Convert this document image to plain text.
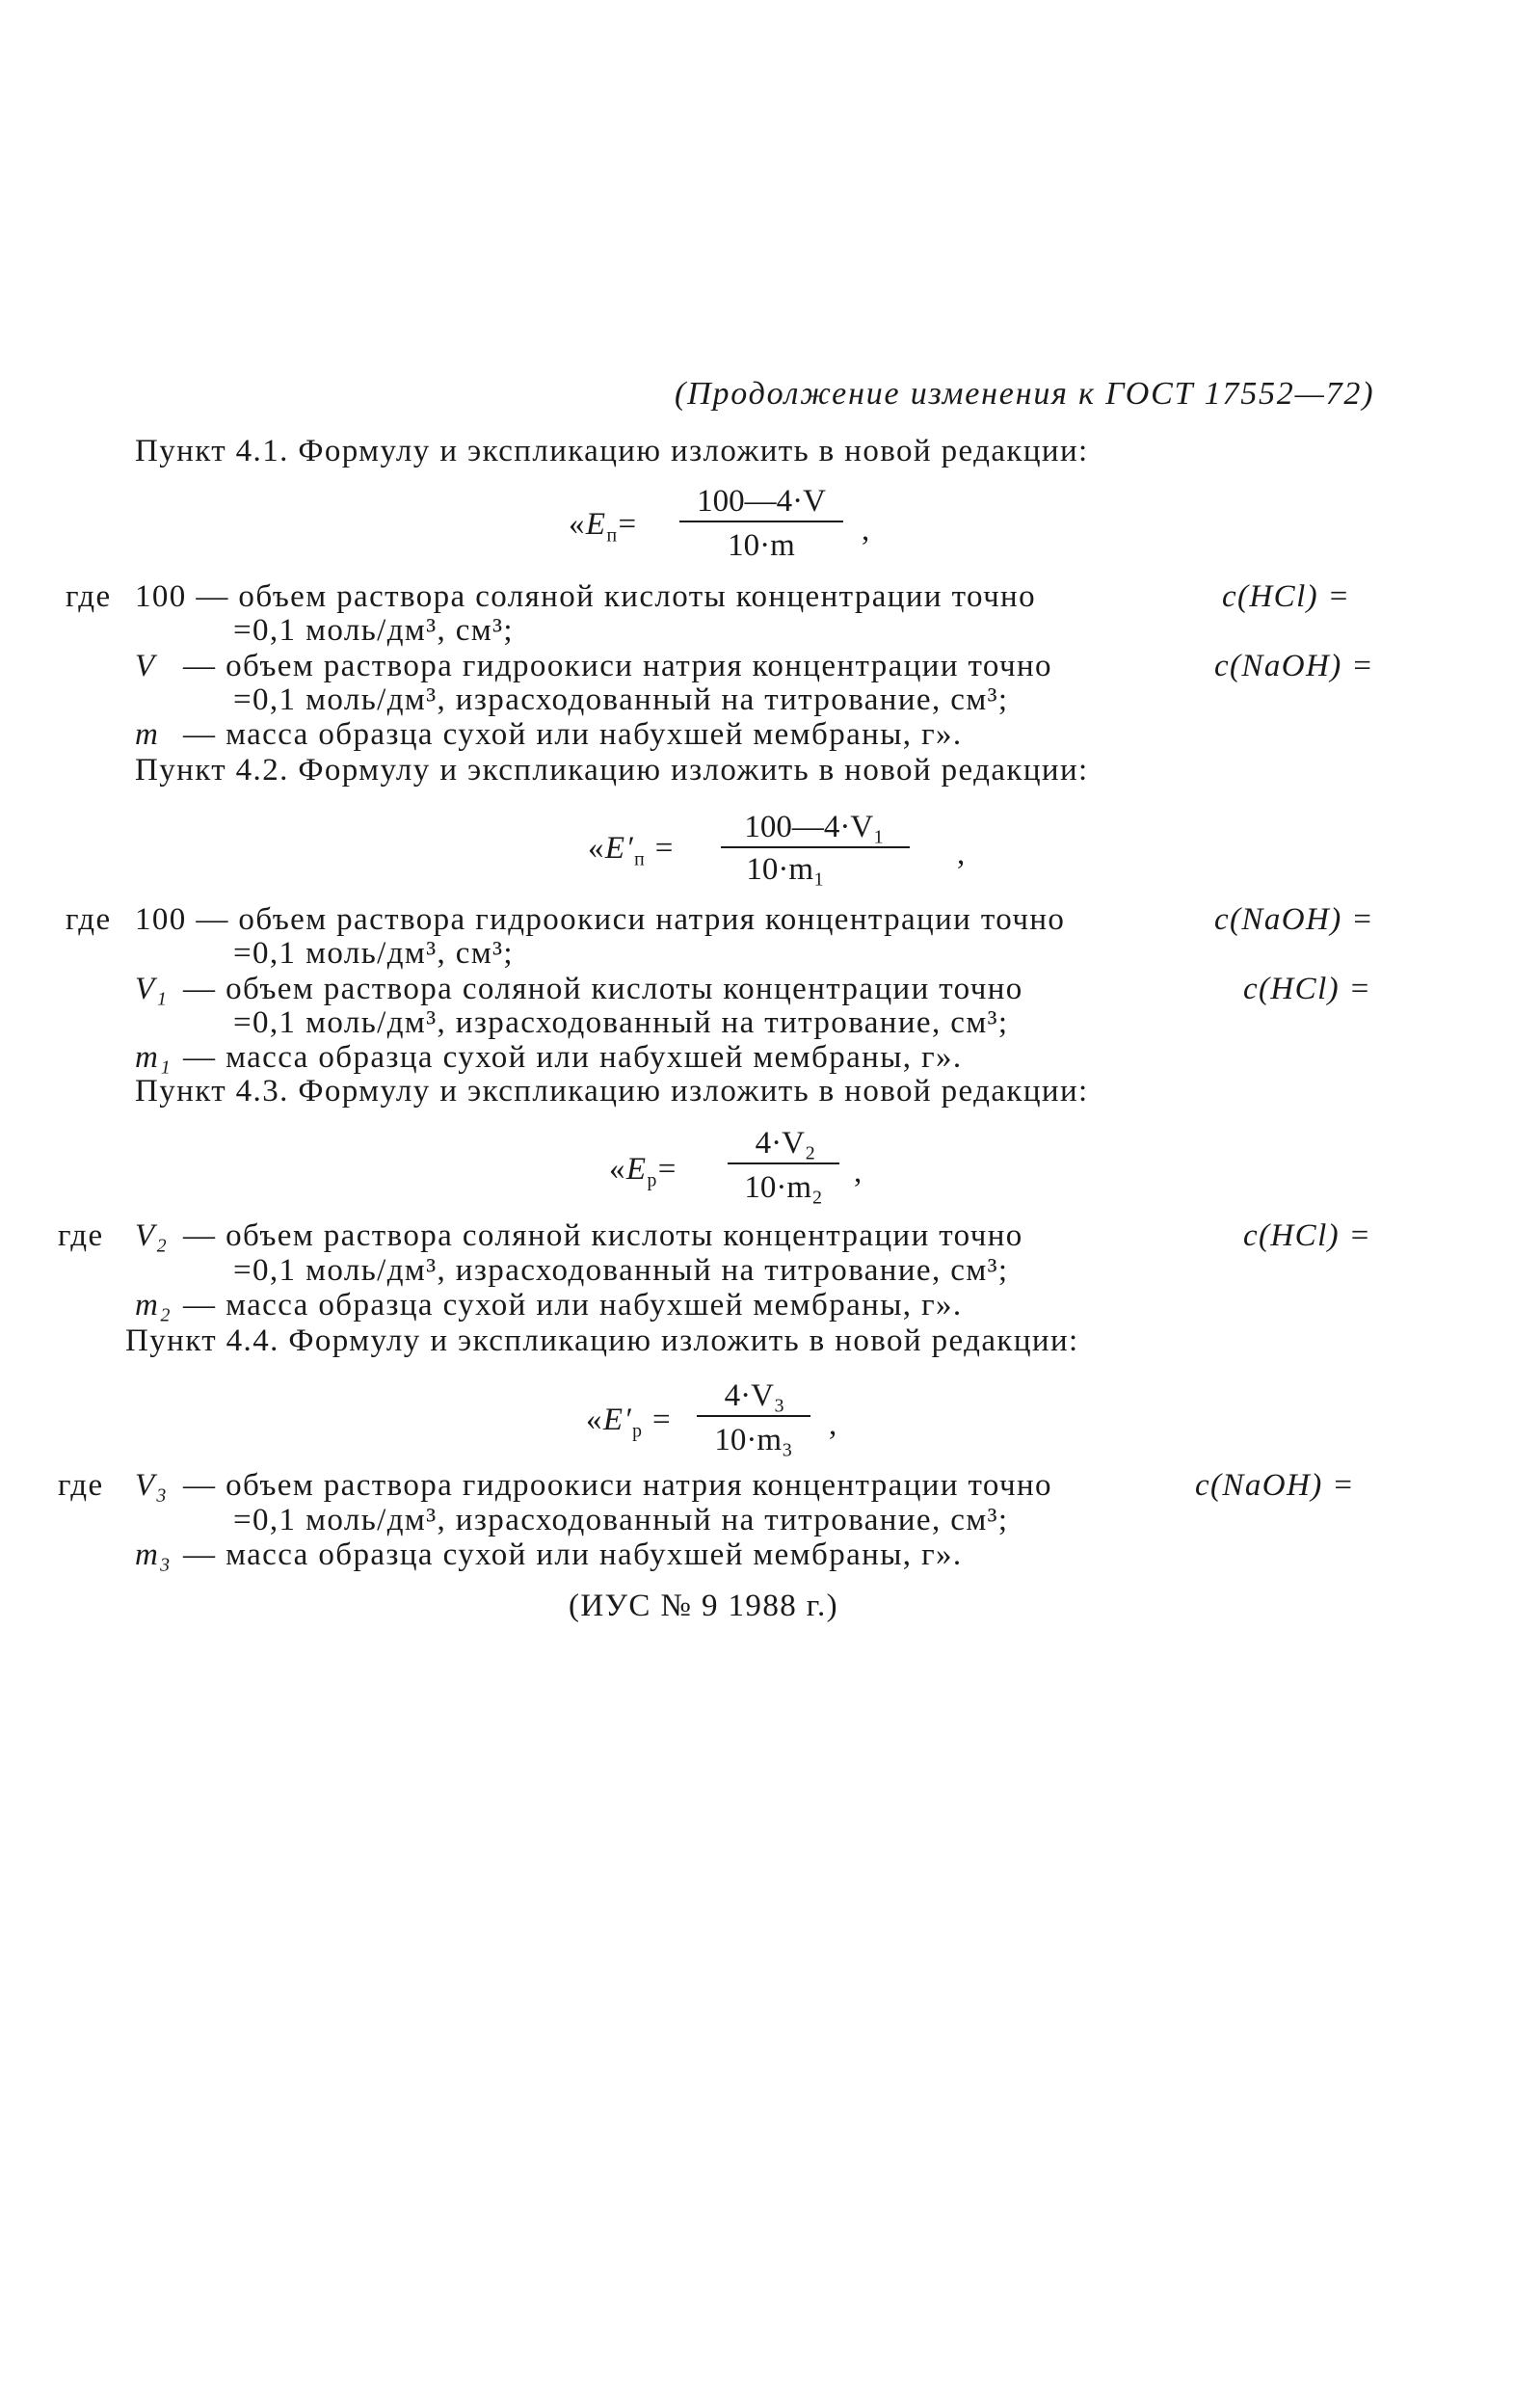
(Продолжение изменения к ГОСТ 17552—72)
Пункт 4.1. Формулу и экспликацию изложить в новой редакции:
«$E_п=$
100—4·V
10·m	,
где 100 — объем раствора соляной кислоты концентрации точно	c(HCl) =
=0,1 моль/дм³, см³;
V — объем раствора гидроокиси натрия концентрации точно	c(NaOH) =
=0,1 моль/дм³, израсходованный на титрование, см³;
m — масса образца сухой или набухшей мембраны, г».
Пункт 4.2. Формулу и экспликацию изложить в новой редакции:
«$E'_п$ =
100—4·V₁
10·m₁	,
где 100 — объем раствора гидроокиси натрия концентрации точно	c(NaOH) =
=0,1 моль/дм³, см³;
V₁ — объем раствора соляной кислоты концентрации точно	c(HCl) =
=0,1 моль/дм³, израсходованный на титрование, см³;
m₁ — масса образца сухой или набухшей мембраны, г».
Пункт 4.3. Формулу и экспликацию изложить в новой редакции:
«$E_р=$
4·V₂
10·m₂ ,
где V₂ — объем раствора соляной кислоты концентрации точно	c(HCl) =
=0,1 моль/дм³, израсходованный на титрование, см³;
m₂ — масса образца сухой или набухшей мембраны, г».
Пункт 4.4. Формулу и экспликацию изложить в новой редакции:
«$E'_р$ =
4·V₃
10·m₃	,
где V₃ — объем раствора гидроокиси натрия концентрации точно	c(NaOH) =
=0,1 моль/дм³, израсходованный на титрование, см³;
m₃ — масса образца сухой или набухшей мембраны, г».
(ИУС № 9 1988 г.)
